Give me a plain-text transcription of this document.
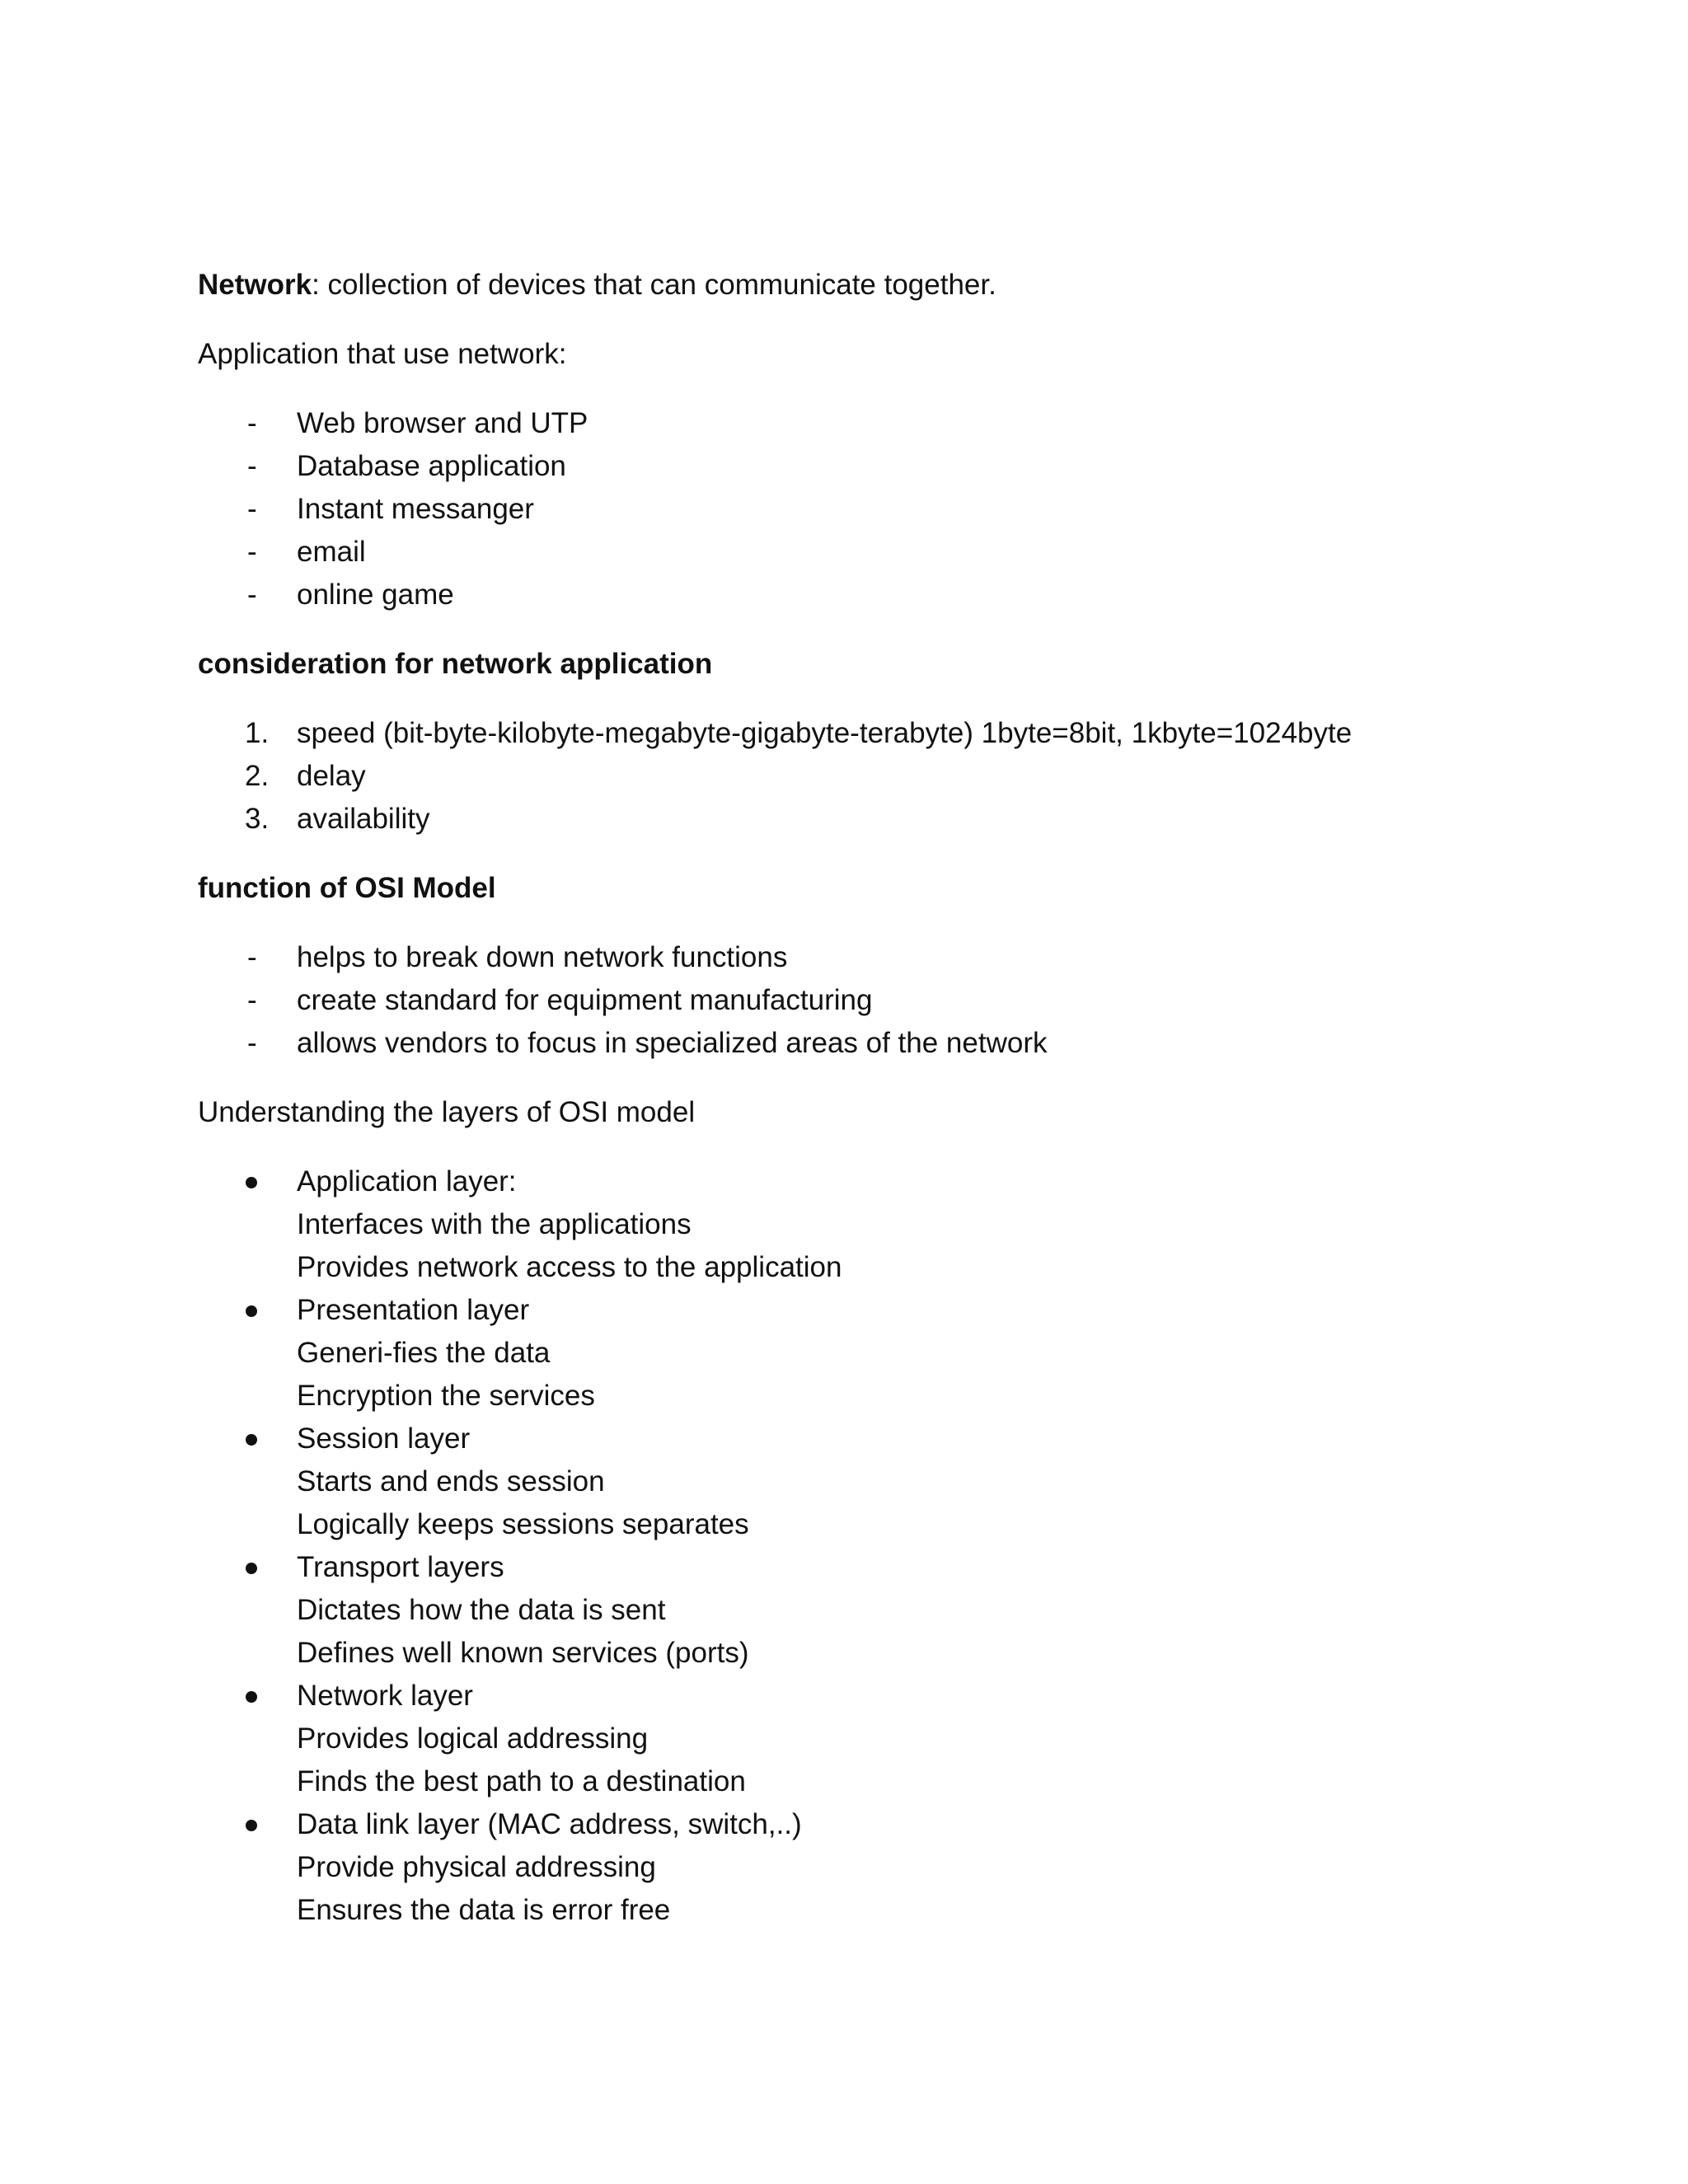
Network: collection of devices that can communicate together.

Application that use network:

-	Web browser and UTP
-	Database application
-	Instant messanger
-	email
-	online game

consideration for network application

1. speed (bit-byte-kilobyte-megabyte-gigabyte-terabyte) 1byte=8bit, 1kbyte=1024byte
2. delay
3. availability

function of OSI Model

-	helps to break down network functions
-	create standard for equipment manufacturing
-	allows vendors to focus in specialized areas of the network

Understanding the layers of OSI model

Application layer:
Interfaces with the applications
Provides network access to the application
Presentation layer
Generi-fies the data
Encryption the services
Session layer
Starts and ends session
Logically keeps sessions separates
Transport layers
Dictates how the data is sent
Defines well known services (ports)
Network layer
Provides logical addressing
Finds the best path to a destination
Data link layer (MAC address, switch,..)
Provide physical addressing
Ensures the data is error free
